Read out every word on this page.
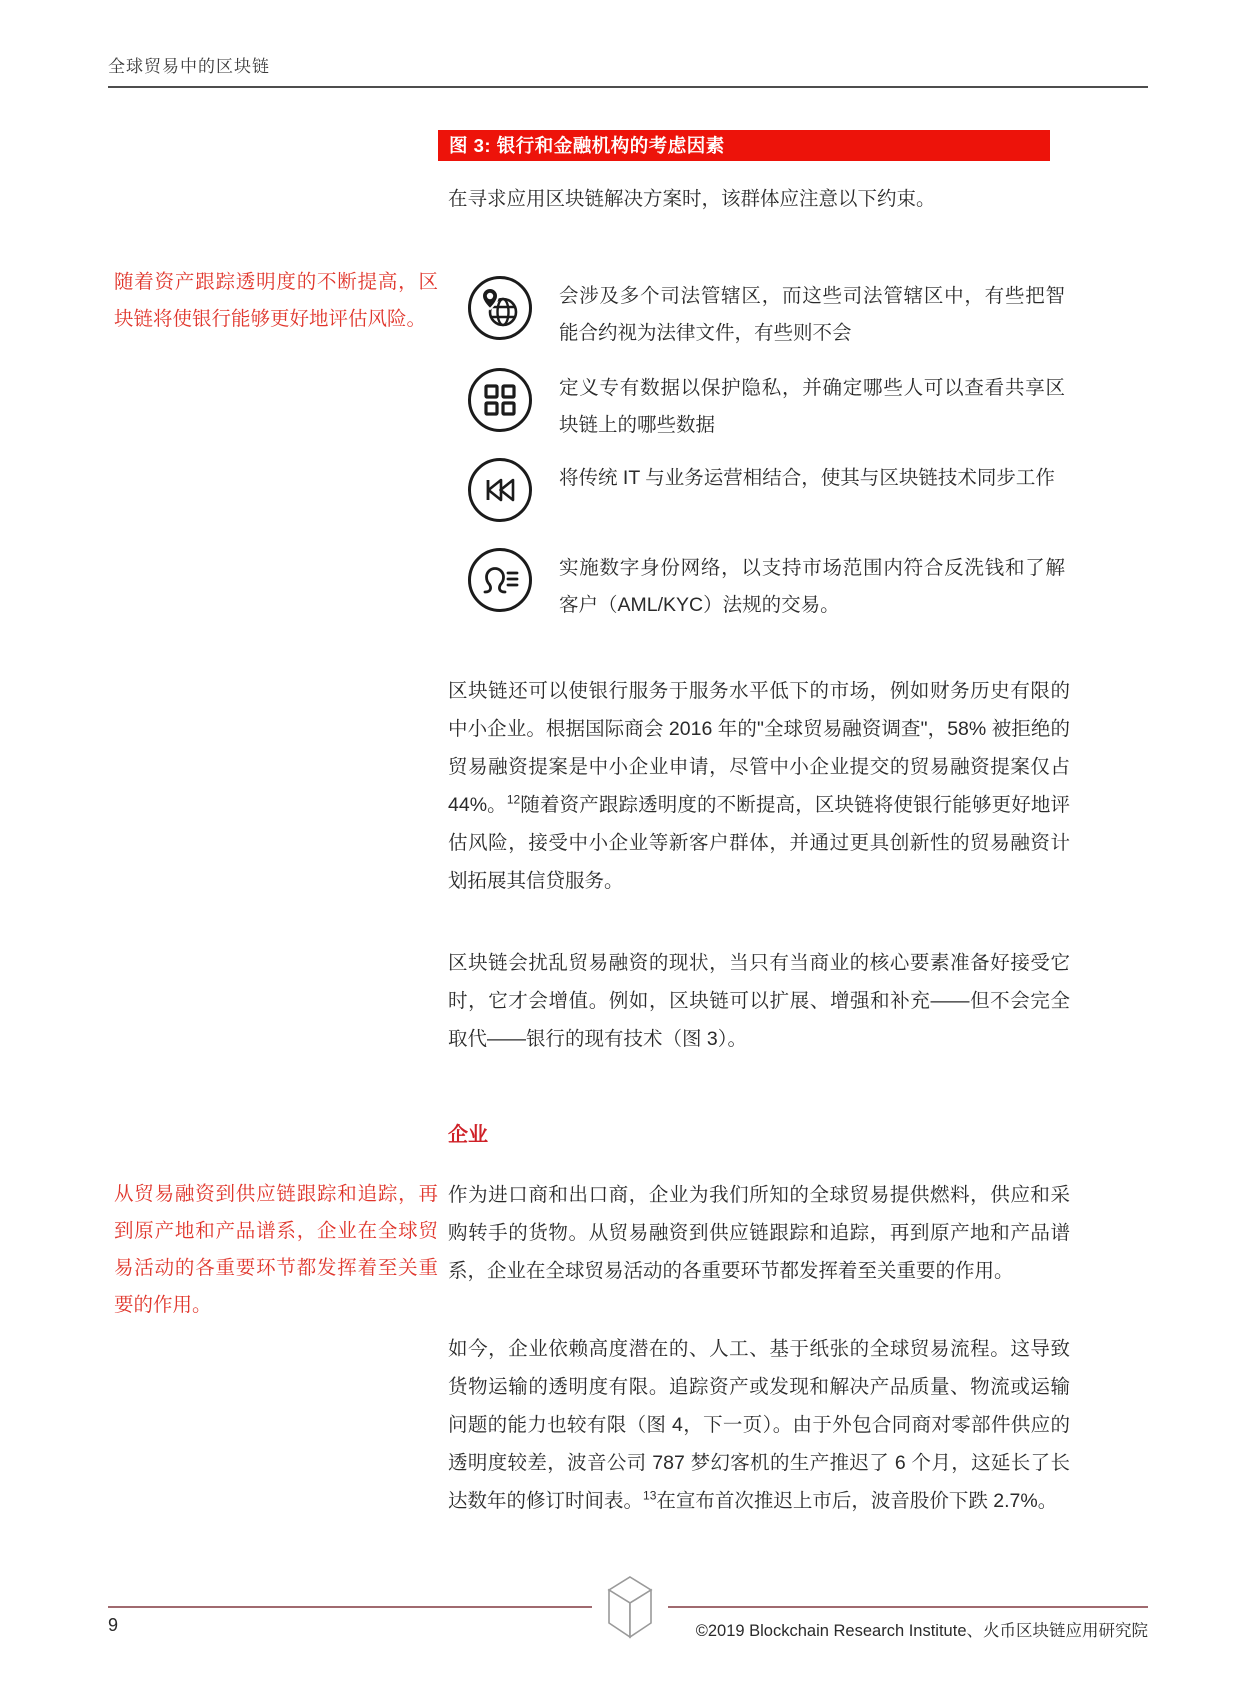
全球贸易中的区块链
图 3: 银行和金融机构的考虑因素
在寻求应用区块链解决方案时，该群体应注意以下约束。
随着资产跟踪透明度的不断提高，区块链将使银行能够更好地评估风险。
会涉及多个司法管辖区，而这些司法管辖区中，有些把智能合约视为法律文件，有些则不会
定义专有数据以保护隐私，并确定哪些人可以查看共享区块链上的哪些数据
将传统 IT 与业务运营相结合，使其与区块链技术同步工作
实施数字身份网络，以支持市场范围内符合反洗钱和了解客户（AML/KYC）法规的交易。
区块链还可以使银行服务于服务水平低下的市场，例如财务历史有限的中小企业。根据国际商会 2016 年的"全球贸易融资调查"，58% 被拒绝的贸易融资提案是中小企业申请，尽管中小企业提交的贸易融资提案仅占 44%。$^{12}$随着资产跟踪透明度的不断提高，区块链将使银行能够更好地评估风险，接受中小企业等新客户群体，并通过更具创新性的贸易融资计划拓展其信贷服务。
区块链会扰乱贸易融资的现状，当只有当商业的核心要素准备好接受它时，它才会增值。例如，区块链可以扩展、增强和补充——但不会完全取代——银行的现有技术（图 3）。
企业
从贸易融资到供应链跟踪和追踪，再到原产地和产品谱系，企业在全球贸易活动的各重要环节都发挥着至关重要的作用。
作为进口商和出口商，企业为我们所知的全球贸易提供燃料，供应和采购转手的货物。从贸易融资到供应链跟踪和追踪，再到原产地和产品谱系，企业在全球贸易活动的各重要环节都发挥着至关重要的作用。
如今，企业依赖高度潜在的、人工、基于纸张的全球贸易流程。这导致货物运输的透明度有限。追踪资产或发现和解决产品质量、物流或运输问题的能力也较有限（图 4，下一页）。由于外包合同商对零部件供应的透明度较差，波音公司 787 梦幻客机的生产推迟了 6 个月，这延长了长达数年的修订时间表。$^{13}$在宣布首次推迟上市后，波音股价下跌 2.7%。
9	©2019 Blockchain Research Institute、火币区块链应用研究院
